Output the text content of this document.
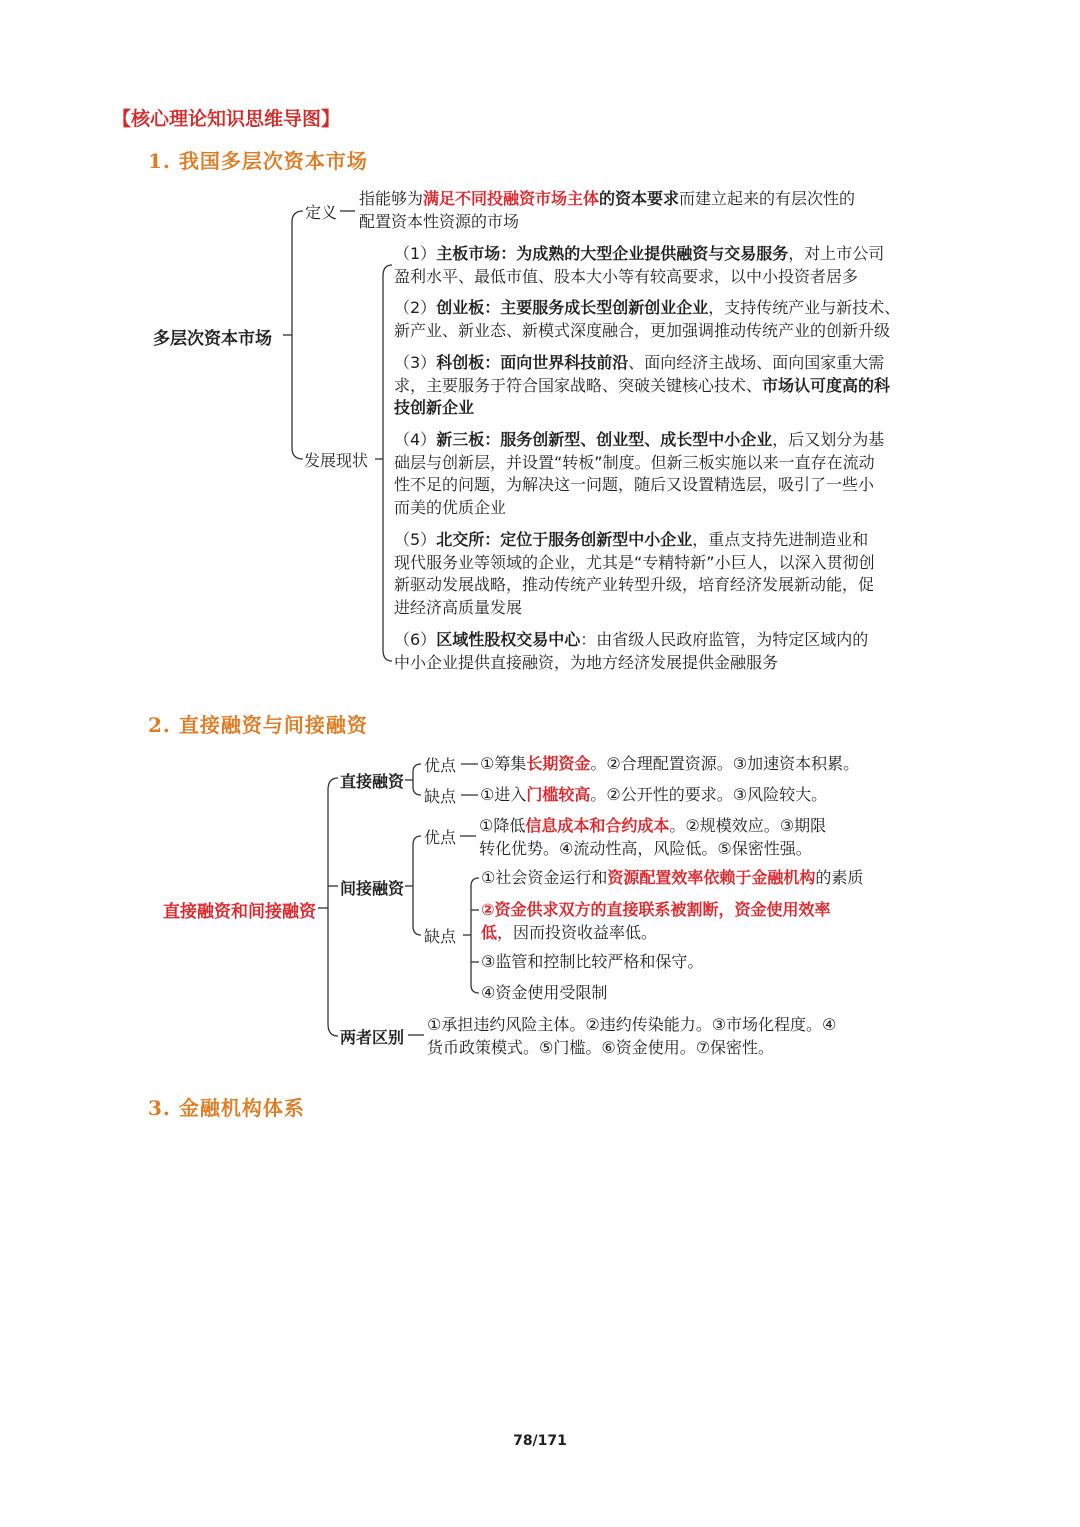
【核心理论知识思维导图】
1. 我国多层次资本市场
多层次资本市场
定义
指能够为满足不同投融资市场主体的资本要求而建立起来的有层次性的
配置资本性资源的市场
发展现状
（1）主板市场：为成熟的大型企业提供融资与交易服务，对上市公司
盈利水平、最低市值、股本大小等有较高要求，以中小投资者居多
（2）创业板：主要服务成长型创新创业企业，支持传统产业与新技术、
新产业、新业态、新模式深度融合，更加强调推动传统产业的创新升级
（3）科创板：面向世界科技前沿、面向经济主战场、面向国家重大需
求，主要服务于符合国家战略、突破关键核心技术、市场认可度高的科
技创新企业
（4）新三板：服务创新型、创业型、成长型中小企业，后又划分为基
础层与创新层，并设置“转板”制度。但新三板实施以来一直存在流动
性不足的问题，为解决这一问题，随后又设置精选层，吸引了一些小
而美的优质企业
（5）北交所：定位于服务创新型中小企业，重点支持先进制造业和
现代服务业等领域的企业，尤其是“专精特新”小巨人，以深入贯彻创
新驱动发展战略，推动传统产业转型升级，培育经济发展新动能，促
进经济高质量发展
（6）区域性股权交易中心：由省级人民政府监管，为特定区域内的
中小企业提供直接融资，为地方经济发展提供金融服务
2. 直接融资与间接融资
直接融资和间接融资
直接融资
优点 ①筹集长期资金。②合理配置资源。③加速资本积累。
缺点 ①进入门槛较高。②公开性的要求。③风险较大。
间接融资
优点
①降低信息成本和合约成本。②规模效应。③期限
转化优势。④流动性高，风险低。⑤保密性强。
缺点
①社会资金运行和资源配置效率依赖于金融机构的素质
②资金供求双方的直接联系被割断，资金使用效率
低，因而投资收益率低。
③监管和控制比较严格和保守。
④资金使用受限制
两者区别
①承担违约风险主体。②违约传染能力。③市场化程度。④
货币政策模式。⑤门槛。⑥资金使用。⑦保密性。
3. 金融机构体系
78/171
